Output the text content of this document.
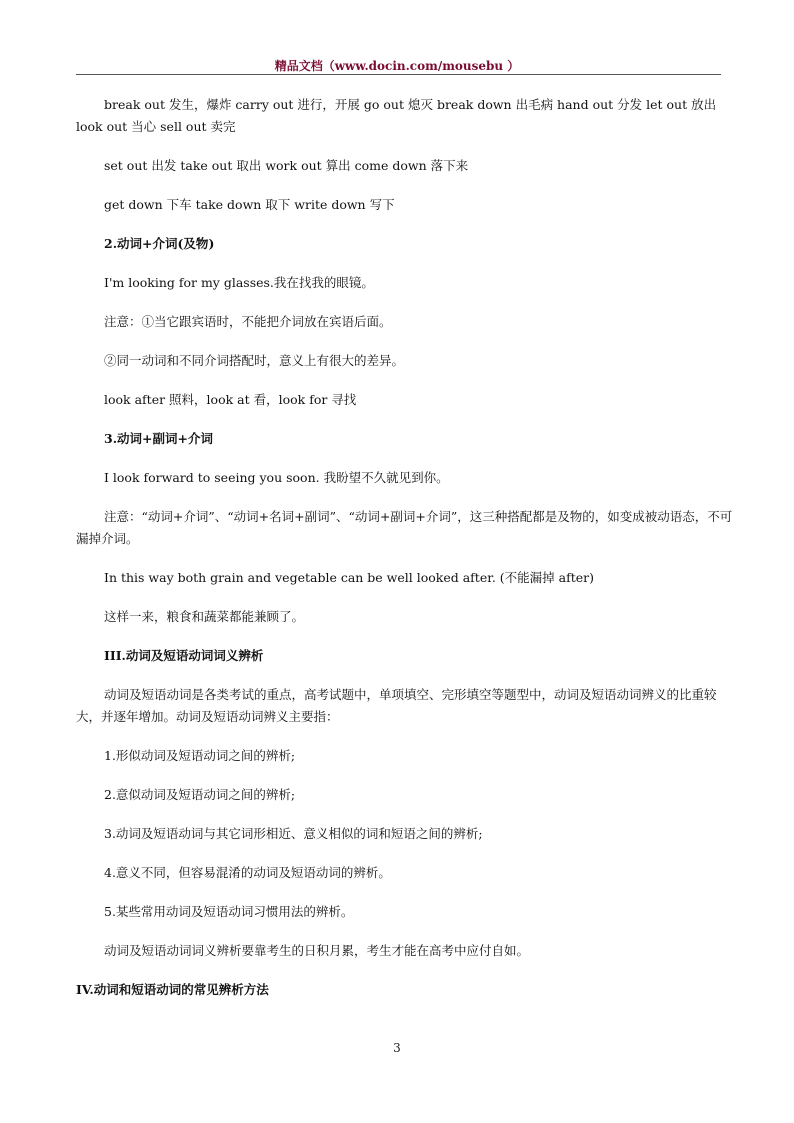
精品文档（www.docin.com/mousebu ）

break out 发生，爆炸 carry out 进行，开展 go out 熄灭 break down 出毛病 hand out 分发 let out 放出 look out 当心 sell out 卖完

set out 出发 take out 取出 work out 算出 come down 落下来

get down 下车 take down 取下 write down 写下

2.动词+介词(及物)

I'm looking for my glasses.我在找我的眼镜。

注意：①当它跟宾语时，不能把介词放在宾语后面。

②同一动词和不同介词搭配时，意义上有很大的差异。

look after 照料，look at 看，look for 寻找

3.动词+副词+介词

I look forward to seeing you soon. 我盼望不久就见到你。

注意：“动词+介词”、“动词+名词+副词”、“动词+副词+介词”，这三种搭配都是及物的，如变成被动语态，不可漏掉介词。

In this way both grain and vegetable can be well looked after. (不能漏掉 after)

这样一来，粮食和蔬菜都能兼顾了。

III.动词及短语动词词义辨析

动词及短语动词是各类考试的重点，高考试题中，单项填空、完形填空等题型中，动词及短语动词辨义的比重较大，并逐年增加。动词及短语动词辨义主要指：

1.形似动词及短语动词之间的辨析;

2.意似动词及短语动词之间的辨析;

3.动词及短语动词与其它词形相近、意义相似的词和短语之间的辨析;

4.意义不同，但容易混淆的动词及短语动词的辨析。

5.某些常用动词及短语动词习惯用法的辨析。

动词及短语动词词义辨析要靠考生的日积月累，考生才能在高考中应付自如。

IV.动词和短语动词的常见辨析方法

3
